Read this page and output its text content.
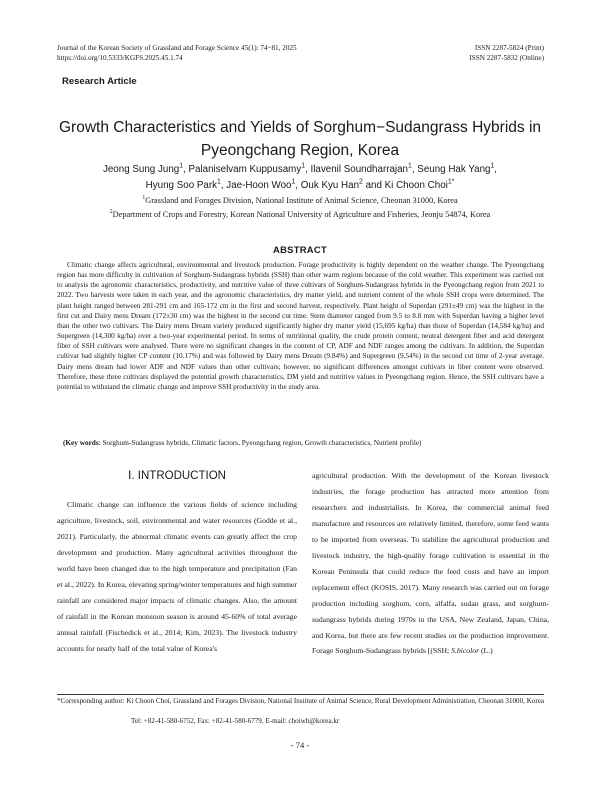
Journal of the Korean Society of Grassland and Forage Science 45(1): 74~81, 2025
https://doi.org/10.5333/KGFS.2025.45.1.74
ISSN 2287-5824 (Print)
ISSN 2287-5832 (Online)
Research Article
Growth Characteristics and Yields of Sorghum−Sudangrass Hybrids in
Pyeongchang Region, Korea
Jeong Sung Jung$^1$, Palaniselvam Kuppusamy$^1$, Ilavenil Soundharrajan$^1$, Seung Hak Yang$^1$,
Hyung Soo Park$^1$, Jae-Hoon Woo$^1$, Ouk Kyu Han$^2$ and Ki Choon Choi$^{1*}$
$^1$Grassland and Forages Division, National Institute of Animal Science, Cheonan 31000, Korea
$^2$Department of Crops and Forestry, Korean National University of Agriculture and Fisheries, Jeonju 54874, Korea
ABSTRACT
Climatic change affects agricultural, environmental and livestock production. Forage productivity is highly dependent on the weather change. The Pyeongchang region has more difficulty in cultivation of Sorghum-Sudangrass hybrids (SSH) than other warm regions because of the cold weather. This experiment was carried out to analysis the agronomic characteristics, productivity, and nutritive value of three cultivars of Sorghum-Sudangrass hybrids in the Pyeongchang region from 2021 to 2022. Two harvests were taken in each year, and the agronomic characteristics, dry matter yield, and nutrient content of the whole SSH crops were determined. The plant height ranged between 281-291 cm and 165-172 cm in the first and second harvest, respectively. Plant height of Superdan (291±49 cm) was the highest in the first cut and Dairy mens Dream (172±30 cm) was the highest in the second cut time. Stem diameter ranged from 9.5 to 8.8 mm with Superdan having a higher level than the other two cultivars. The Dairy mens Dream variety produced significantly higher dry matter yield (15,695 kg/ha) than those of Superdan (14,584 kg/ha) and Supergreen (14,300 kg/ha) over a two-year experimental period. In terms of nutritional quality, the crude protein content, neutral detergent fiber and acid detergent fiber of SSH cultivars were analysed. There were no significant changes in the content of CP, ADF and NDF ranges among the cultivars. In addition, the Superdan cultivar had slightly higher CP content (10.17%) and was followed by Dairy mens Dream (9.84%) and Supergreen (9.54%) in the second cut time of 2-year average. Dairy mens dream had lower ADF and NDF values than other cultivars; however, no significant differences amongst cultivars in fiber content were observed. Therefore, these three cultivars displayed the potential growth characteristics, DM yield and nutritive values in Pyeongchang region. Hence, the SSH cultivars have a potential to withstand the climatic change and improve SSH productivity in the study area.
(Key words: Sorghum-Sudangrass hybrids, Climatic factors, Pyeongchang region, Growth characteristics, Nutrient profile)
Ⅰ. INTRODUCTION
Climatic change can influence the various fields of science including agriculture, livestock, soil, environmental and water resources (Godde et al., 2021). Particularly, the abnormal climatic events can greatly affect the crop development and production. Many agricultural activities throughout the world have been changed due to the high temperature and precipitation (Fan et al., 2022). In Korea, elevating spring/winter temperatures and high summer rainfall are considered major impacts of climatic changes. Also, the amount of rainfall in the Korean monsoon season is around 45-60% of total average annual rainfall (Fischedick et al., 2014; Kim, 2023). The livestock industry accounts for nearly half of the total value of Korea's
agricultural production. With the development of the Korean livestock industries, the forage production has attracted more attention from researchers and industrialists. In Korea, the commercial animal feed manufacture and resources are relatively limited, therefore, some feed wants to be imported from overseas. To stabilize the agricultural production and livestock industry, the high-quality forage cultivation is essential in the Korean Peninsula that could reduce the feed costs and have an import replacement effect (KOSIS, 2017). Many research was carried out on forage production including sorghum, corn, alfalfa, sudan grass, and sorghum-sudangrass hybrids during 1970s in the USA, New Zealand, Japan, China, and Korea, but there are few recent studies on the production improvement. Forage Sorghum-Sudangrass hybrids [(SSH; S.bicolor (L.)
*Corresponding author: Ki Choon Choi, Grassland and Forages Division, National Institute of Animal Science, Rural Development Administration, Cheonan 31000, Korea
Tel: +82-41-580-6752, Fax: +82-41-580-6779, E-mail: choiwh@korea.kr
- 74 -
